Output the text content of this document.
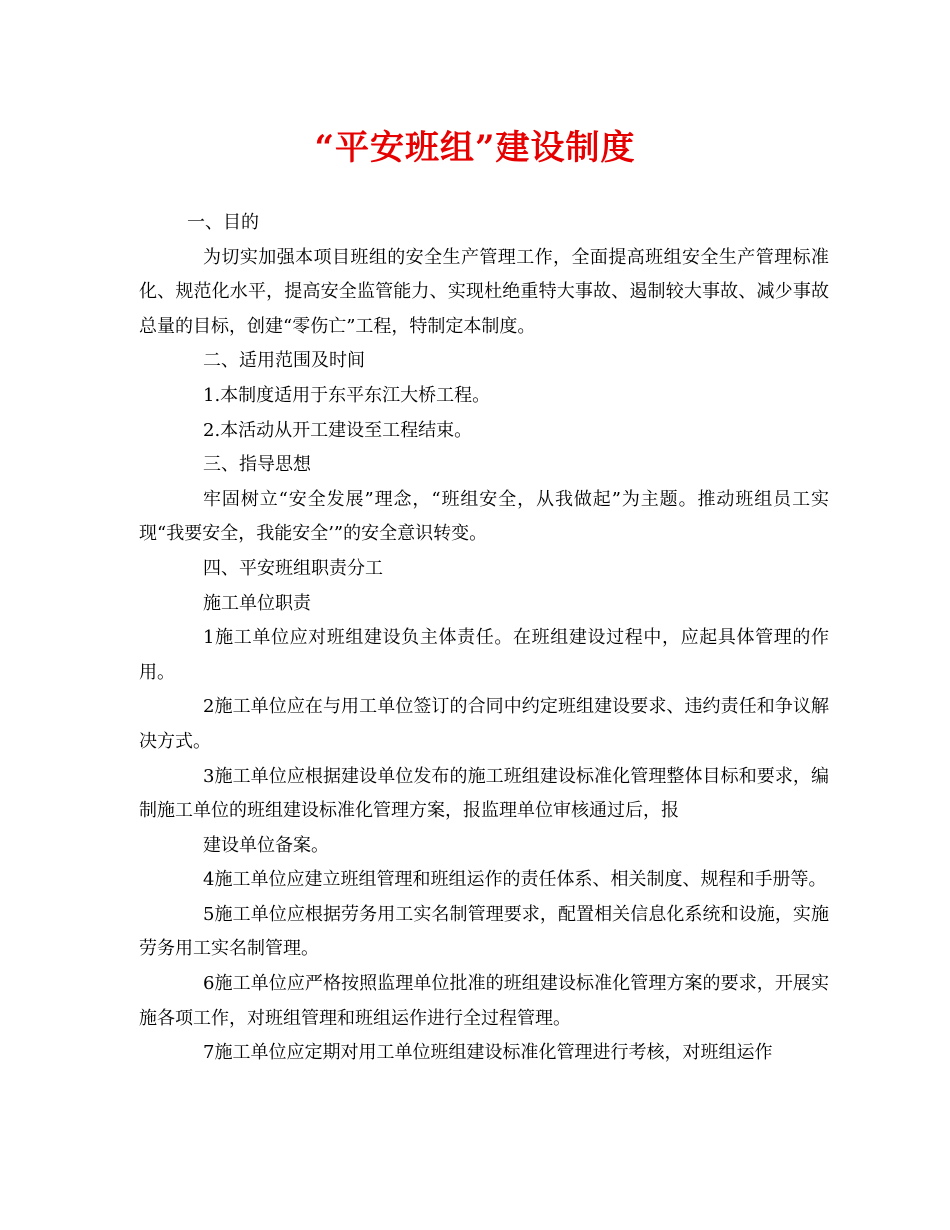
“平安班组”建设制度

一、目的

为切实加强本项目班组的安全生产管理工作，全面提高班组安全生产管理标准化、规范化水平，提高安全监管能力、实现杜绝重特大事故、遏制较大事故、减少事故总量的目标，创建“零伤亡”工程，特制定本制度。

二、适用范围及时间

1.本制度适用于东平东江大桥工程。

2.本活动从开工建设至工程结束。

三、指导思想

牢固树立“安全发展”理念，“班组安全，从我做起”为主题。推动班组员工实现“我要安全，我能安全’”的安全意识转变。

四、平安班组职责分工

施工单位职责

1施工单位应对班组建设负主体责任。在班组建设过程中，应起具体管理的作用。

2施工单位应在与用工单位签订的合同中约定班组建设要求、违约责任和争议解决方式。

3施工单位应根据建设单位发布的施工班组建设标准化管理整体目标和要求，编制施工单位的班组建设标准化管理方案，报监理单位审核通过后，报

建设单位备案。

4施工单位应建立班组管理和班组运作的责任体系、相关制度、规程和手册等。

5施工单位应根据劳务用工实名制管理要求，配置相关信息化系统和设施，实施劳务用工实名制管理。

6施工单位应严格按照监理单位批准的班组建设标准化管理方案的要求，开展实施各项工作，对班组管理和班组运作进行全过程管理。

7施工单位应定期对用工单位班组建设标准化管理进行考核，对班组运作
